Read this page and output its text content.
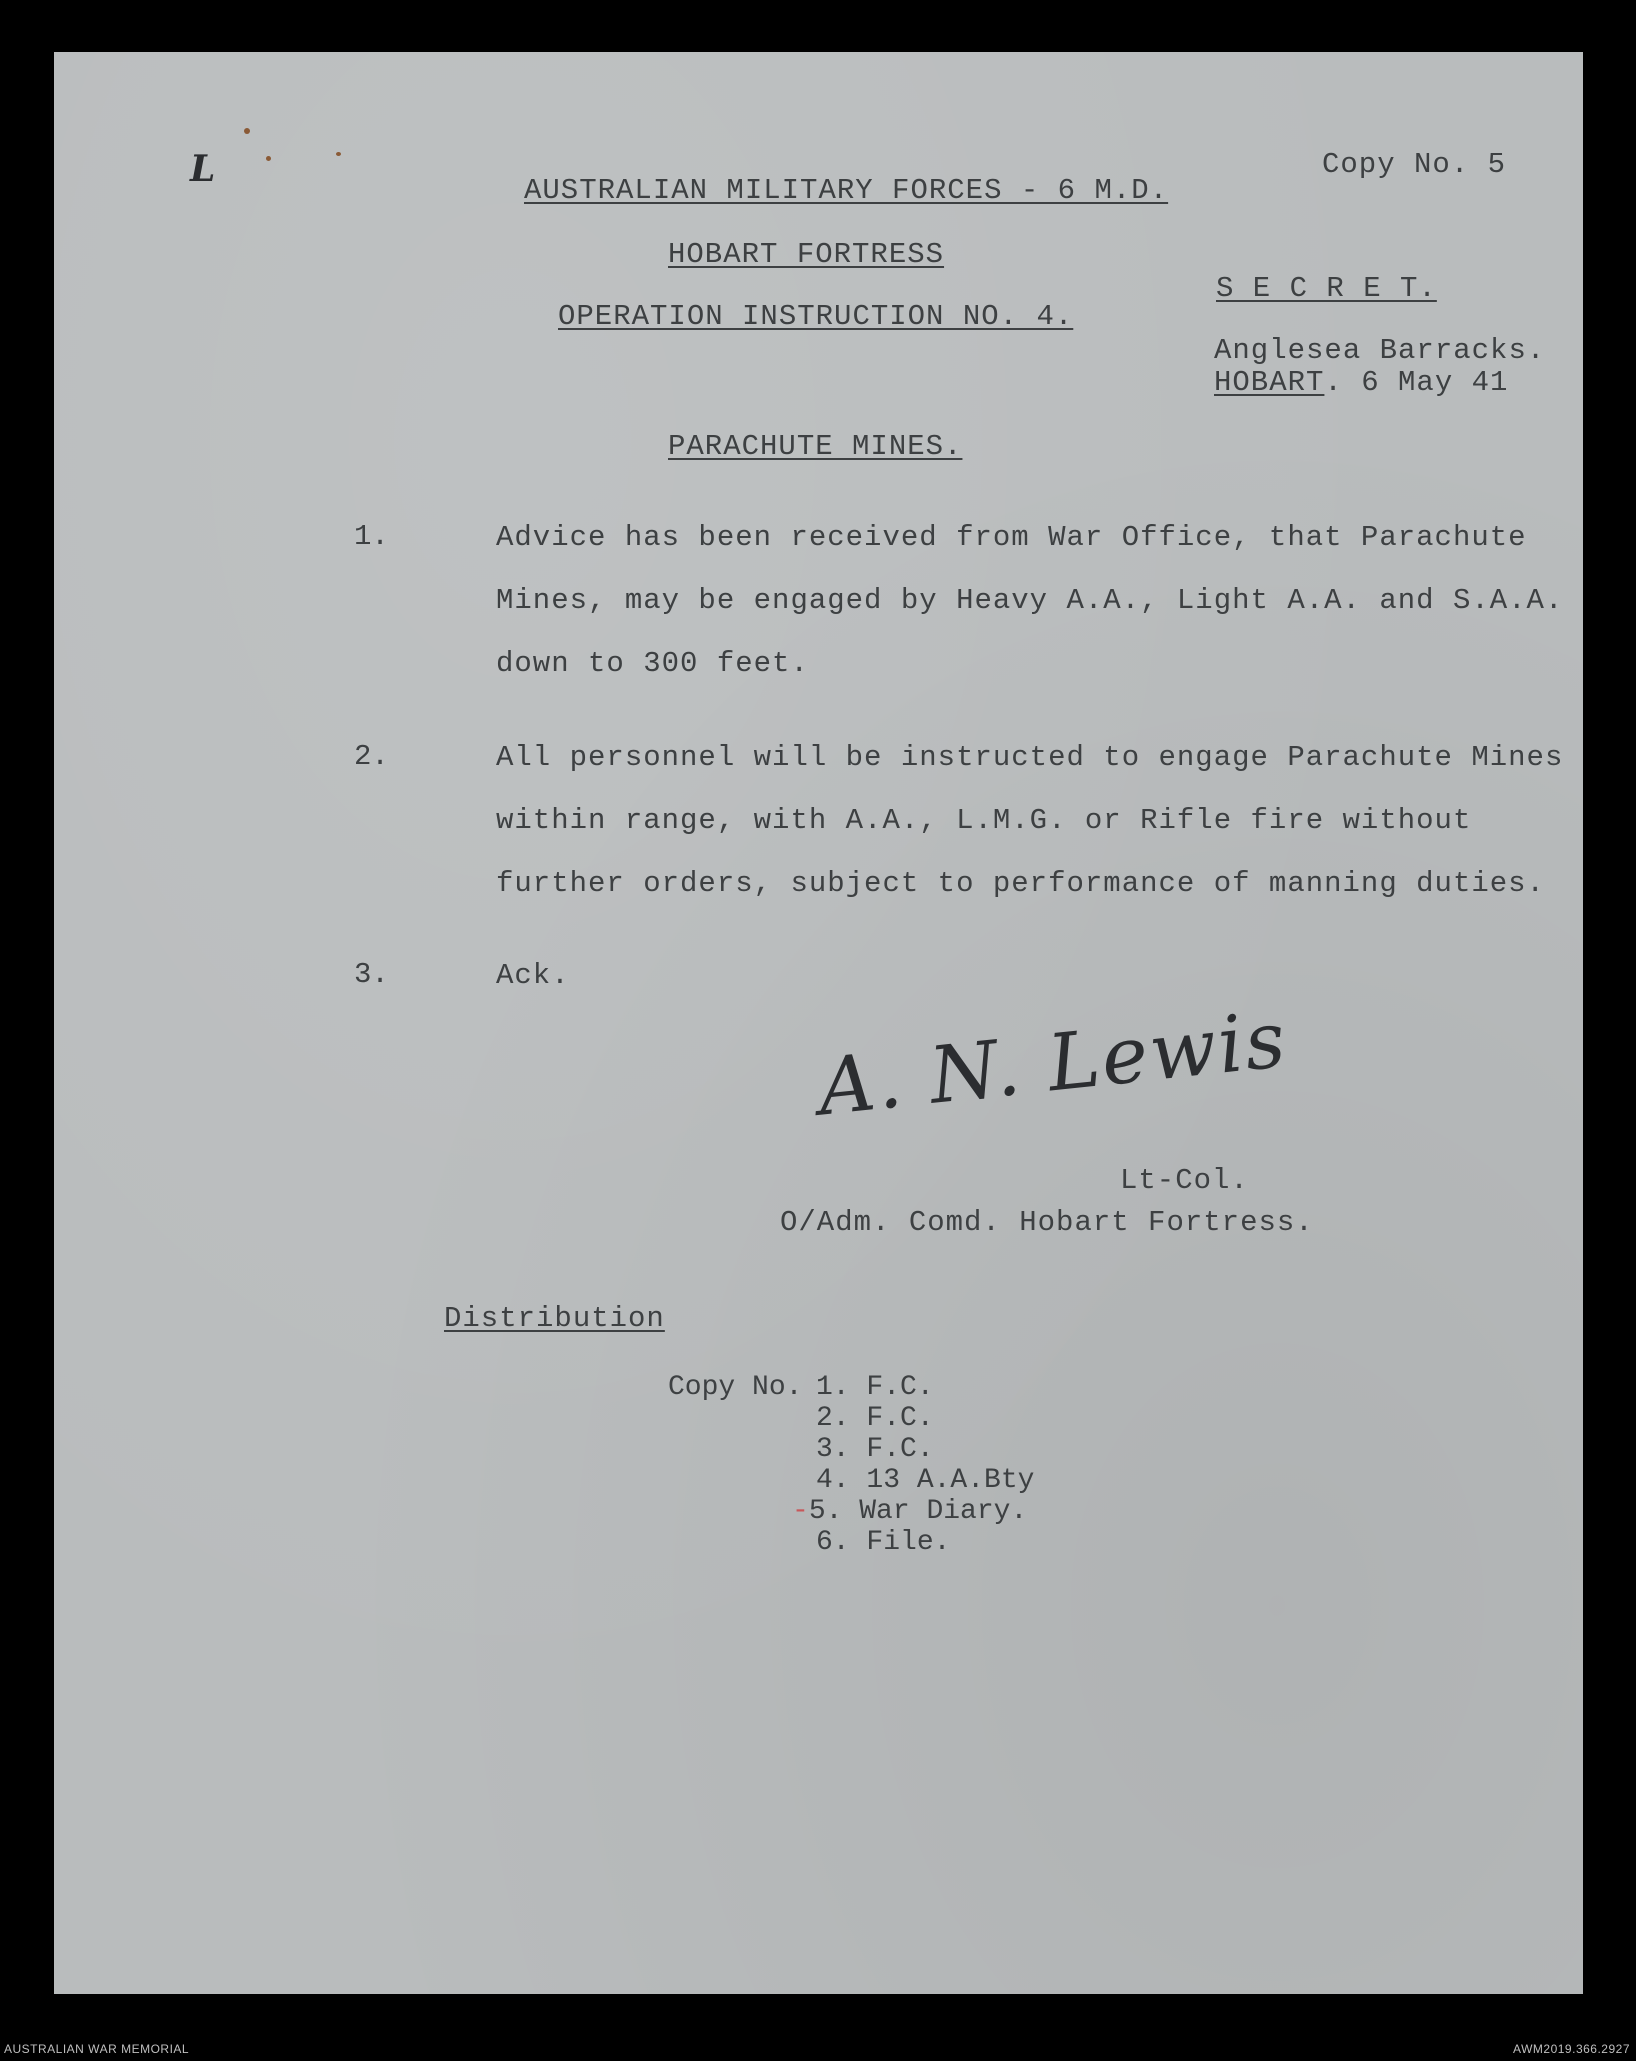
L	Copy No. 5
AUSTRALIAN MILITARY FORCES - 6 M.D.
HOBART FORTRESS
OPERATION INSTRUCTION NO. 4.
S E C R E T.
Anglesea Barracks.
HOBART. 6 May 41
PARACHUTE MINES.
1.	Advice has been received from War Office, that Parachute Mines, may be engaged by Heavy A.A., Light A.A. and S.A.A. down to 300 feet.
2.	All personnel will be instructed to engage Parachute Mines within range, with A.A., L.M.G. or Rifle fire without further orders, subject to performance of manning duties.
3.	Ack.
A. N. Lewis
Lt-Col.
O/Adm. Comd. Hobart Fortress.
Distribution
Copy No. 1. F.C.
2. F.C.
3. F.C.
4. 13 A.A.Bty
-5. War Diary.
6. File.
AUSTRALIAN WAR MEMORIAL	AWM2019.366.2927
